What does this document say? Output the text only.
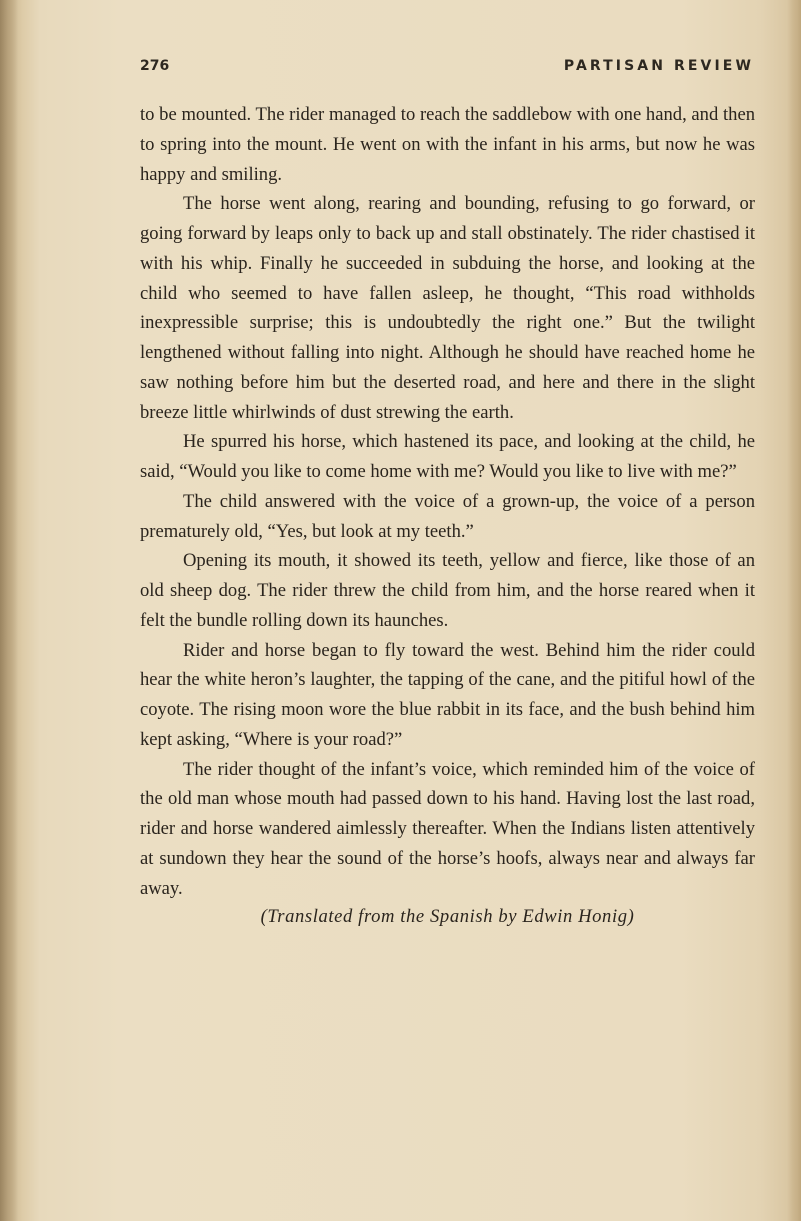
276	PARTISAN REVIEW

to be mounted. The rider managed to reach the saddlebow with one hand, and then to spring into the mount. He went on with the infant in his arms, but now he was happy and smiling.

The horse went along, rearing and bounding, refusing to go forward, or going forward by leaps only to back up and stall obstinately. The rider chastised it with his whip. Finally he succeeded in subduing the horse, and looking at the child who seemed to have fallen asleep, he thought, “This road withholds inexpressible surprise; this is undoubtedly the right one.” But the twilight lengthened without falling into night. Although he should have reached home he saw nothing before him but the deserted road, and here and there in the slight breeze little whirlwinds of dust strewing the earth.

He spurred his horse, which hastened its pace, and looking at the child, he said, “Would you like to come home with me? Would you like to live with me?”

The child answered with the voice of a grown-up, the voice of a person prematurely old, “Yes, but look at my teeth.”

Opening its mouth, it showed its teeth, yellow and fierce, like those of an old sheep dog. The rider threw the child from him, and the horse reared when it felt the bundle rolling down its haunches.

Rider and horse began to fly toward the west. Behind him the rider could hear the white heron’s laughter, the tapping of the cane, and the pitiful howl of the coyote. The rising moon wore the blue rabbit in its face, and the bush behind him kept asking, “Where is your road?”

The rider thought of the infant’s voice, which reminded him of the voice of the old man whose mouth had passed down to his hand. Having lost the last road, rider and horse wandered aimlessly thereafter. When the Indians listen attentively at sundown they hear the sound of the horse’s hoofs, always near and always far away.

(Translated from the Spanish by Edwin Honig)
